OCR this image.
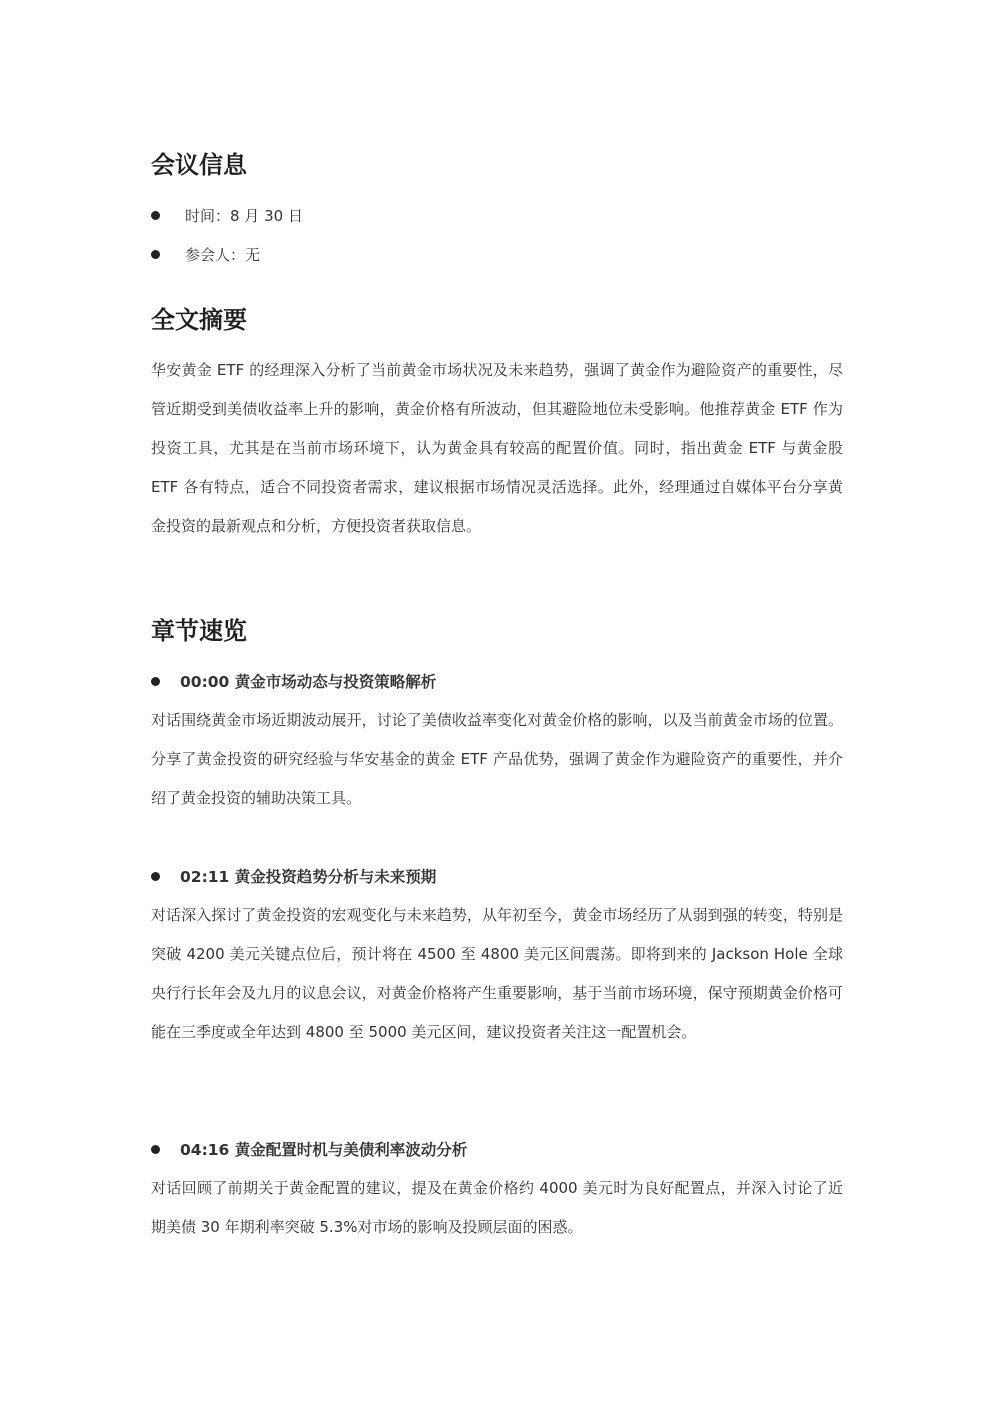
会议信息
时间： 8 月 30 日
参会人： 无
全文摘要

华安黄金 ETF 的经理深入分析了当前黄金市场状况及未来趋势，强调了黄金作为避险资产的重要性，尽管近期受到美债收益率上升的影响，黄金价格有所波动，但其避险地位未受影响。他推荐黄金 ETF 作为投资工具，尤其是在当前市场环境下，认为黄金具有较高的配置价值。同时，指出黄金 ETF 与黄金股 ETF 各有特点，适合不同投资者需求，建议根据市场情况灵活选择。此外，经理通过自媒体平台分享黄金投资的最新观点和分析，方便投资者获取信息。

章节速览
00:00 黄金市场动态与投资策略解析

对话围绕黄金市场近期波动展开，讨论了美债收益率变化对黄金价格的影响，以及当前黄金市场的位置。分享了黄金投资的研究经验与华安基金的黄金 ETF 产品优势，强调了黄金作为避险资产的重要性，并介绍了黄金投资的辅助决策工具。

02:11 黄金投资趋势分析与未来预期

对话深入探讨了黄金投资的宏观变化与未来趋势，从年初至今，黄金市场经历了从弱到强的转变，特别是突破 4200 美元关键点位后，预计将在 4500 至 4800 美元区间震荡。即将到来的 Jackson Hole 全球央行行长年会及九月的议息会议，对黄金价格将产生重要影响，基于当前市场环境，保守预期黄金价格可能在三季度或全年达到 4800 至 5000 美元区间，建议投资者关注这一配置机会。

04:16 黄金配置时机与美债利率波动分析

对话回顾了前期关于黄金配置的建议，提及在黄金价格约 4000 美元时为良好配置点，并深入讨论了近期美债 30 年期利率突破 5.3%对市场的影响及投顾层面的困惑。
